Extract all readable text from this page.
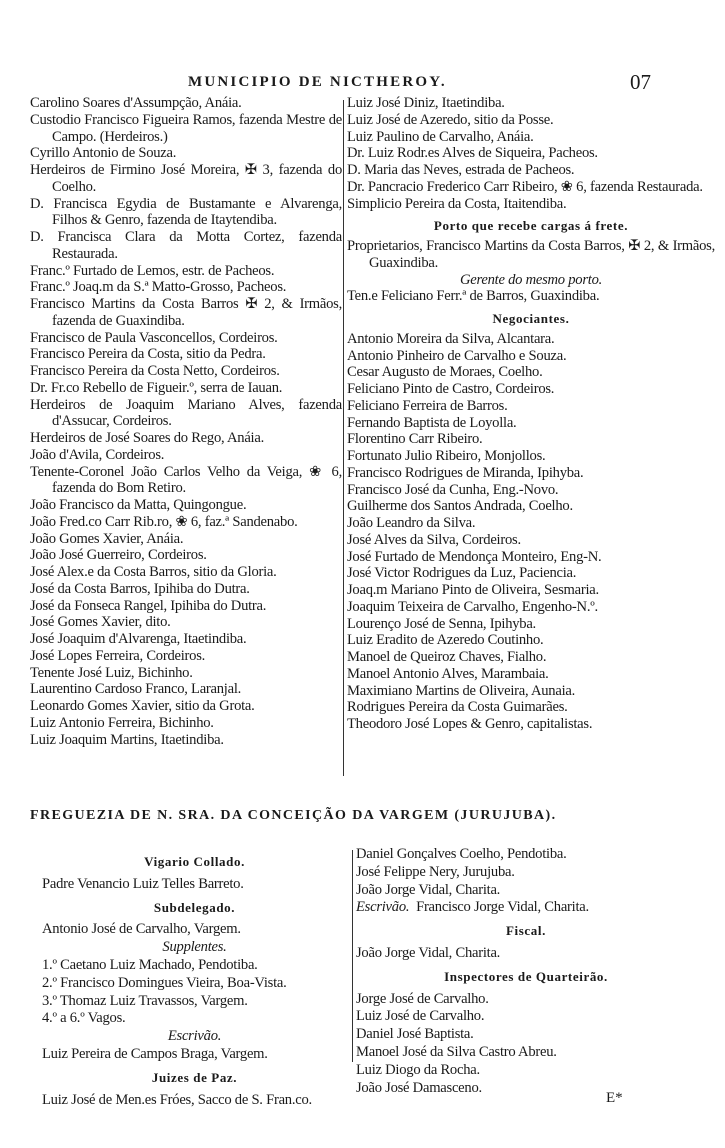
MUNICIPIO DE NICTHEROY.	07
Carolino Soares d'Assumpção, Anáia.
Custodio Francisco Figueira Ramos, fazenda Mestre de Campo. (Herdeiros.)
Cyrillo Antonio de Souza.
Herdeiros de Firmino José Moreira, ✠ 3, fazenda do Coelho.
D. Francisca Egydia de Bustamante e Alvarenga, Filhos & Genro, fazenda de Itaytendiba.
D. Francisca Clara da Motta Cortez, fazenda Restaurada.
Franc.º Furtado de Lemos, estr. de Pacheos.
Franc.º Joaq.m da S.ª Matto-Grosso, Pacheos.
Francisco Martins da Costa Barros ✠ 2, & Irmãos, fazenda de Guaxindiba.
Francisco de Paula Vasconcellos, Cordeiros.
Francisco Pereira da Costa, sitio da Pedra.
Francisco Pereira da Costa Netto, Cordeiros.
Dr. Fr.co Rebello de Figueir.º, serra de Iauan.
Herdeiros de Joaquim Mariano Alves, fazenda d'Assucar, Cordeiros.
Herdeiros de José Soares do Rego, Anáia.
João d'Avila, Cordeiros.
Tenente-Coronel João Carlos Velho da Veiga, ❀ 6, fazenda do Bom Retiro.
João Francisco da Matta, Quingongue.
João Fred.co Carr Rib.ro, ❀ 6, faz.ª Sandenabo.
João Gomes Xavier, Anáia.
João José Guerreiro, Cordeiros.
José Alex.e da Costa Barros, sitio da Gloria.
José da Costa Barros, Ipihiba do Dutra.
José da Fonseca Rangel, Ipihiba do Dutra.
José Gomes Xavier, dito.
José Joaquim d'Alvarenga, Itaetindiba.
José Lopes Ferreira, Cordeiros.
Tenente José Luiz, Bichinho.
Laurentino Cardoso Franco, Laranjal.
Leonardo Gomes Xavier, sitio da Grota.
Luiz Antonio Ferreira, Bichinho.
Luiz Joaquim Martins, Itaetindiba.
Luiz José Diniz, Itaetindiba.
Luiz José de Azeredo, sitio da Posse.
Luiz Paulino de Carvalho, Anáia.
Dr. Luiz Rodr.es Alves de Siqueira, Pacheos.
D. Maria das Neves, estrada de Pacheos.
Dr. Pancracio Frederico Carr Ribeiro, ❀ 6, fazenda Restaurada.
Simplicio Pereira da Costa, Itaitendiba.
Porto que recebe cargas á frete.
Proprietarios, Francisco Martins da Costa Barros, ✠ 2, & Irmãos, Guaxindiba.
Gerente do mesmo porto.
Ten.e Feliciano Ferr.ª de Barros, Guaxindiba.
Negociantes.
Antonio Moreira da Silva, Alcantara.
Antonio Pinheiro de Carvalho e Souza.
Cesar Augusto de Moraes, Coelho.
Feliciano Pinto de Castro, Cordeiros.
Feliciano Ferreira de Barros.
Fernando Baptista de Loyolla.
Florentino Carr Ribeiro.
Fortunato Julio Ribeiro, Monjollos.
Francisco Rodrigues de Miranda, Ipihyba.
Francisco José da Cunha, Eng.-Novo.
Guilherme dos Santos Andrada, Coelho.
João Leandro da Silva.
José Alves da Silva, Cordeiros.
José Furtado de Mendonça Monteiro, Eng-N.
José Victor Rodrigues da Luz, Paciencia.
Joaq.m Mariano Pinto de Oliveira, Sesmaria.
Joaquim Teixeira de Carvalho, Engenho-N.º.
Lourenço José de Senna, Ipihyba.
Luiz Eradito de Azeredo Coutinho.
Manoel de Queiroz Chaves, Fialho.
Manoel Antonio Alves, Marambaia.
Maximiano Martins de Oliveira, Aunaia.
Rodrigues Pereira da Costa Guimarães.
Theodoro José Lopes & Genro, capitalistas.
FREGUEZIA DE N. SRA. DA CONCEIÇÃO DA VARGEM (JURUJUBA).
Vigario Collado.
Padre Venancio Luiz Telles Barreto.
Subdelegado.
Antonio José de Carvalho, Vargem.
Supplentes.
1.º Caetano Luiz Machado, Pendotiba.
2.º Francisco Domingues Vieira, Boa-Vista.
3.º Thomaz Luiz Travassos, Vargem.
4.º a 6.º Vagos.
Escrivão.
Luiz Pereira de Campos Braga, Vargem.
Juizes de Paz.
Luiz José de Men.es Fróes, Sacco de S. Fran.co.
Daniel Gonçalves Coelho, Pendotiba.
José Felippe Nery, Jurujuba.
João Jorge Vidal, Charita.
Escrivão. Francisco Jorge Vidal, Charita.
Fiscal.
João Jorge Vidal, Charita.
Inspectores de Quarteirão.
Jorge José de Carvalho.
Luiz José de Carvalho.
Daniel José Baptista.
Manoel José da Silva Castro Abreu.
Luiz Diogo da Rocha.
João José Damasceno.
E*
